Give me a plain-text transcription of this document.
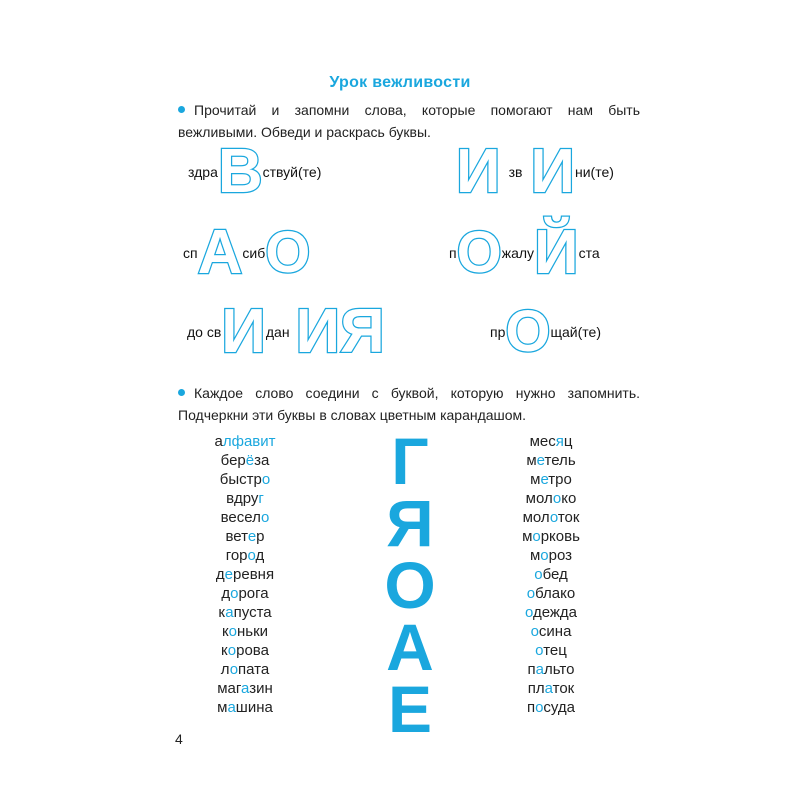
Урок вежливости
Прочитай и запомни слова, которые помогают нам быть вежливыми. Обведи и раскрась буквы.
здра В ствуй(те) И зв И ни(те)
сп А сиб О	п О жалу Й ста
до св И дан ИЯ	пр О щай(те)
Каждое слово соедини с буквой, которую нужно запомнить. Подчеркни эти буквы в словах цветным карандашом.
алфавит
берёза
быстро
вдруг
весело
ветер
город
деревня
дорога
капуста
коньки
корова
лопата
магазин
машина
Г
Я
О
А
Е
месяц
метель
метро
молоко
молоток
морковь
мороз
обед
облако
одежда
осина
отец
пальто
платок
посуда
4
